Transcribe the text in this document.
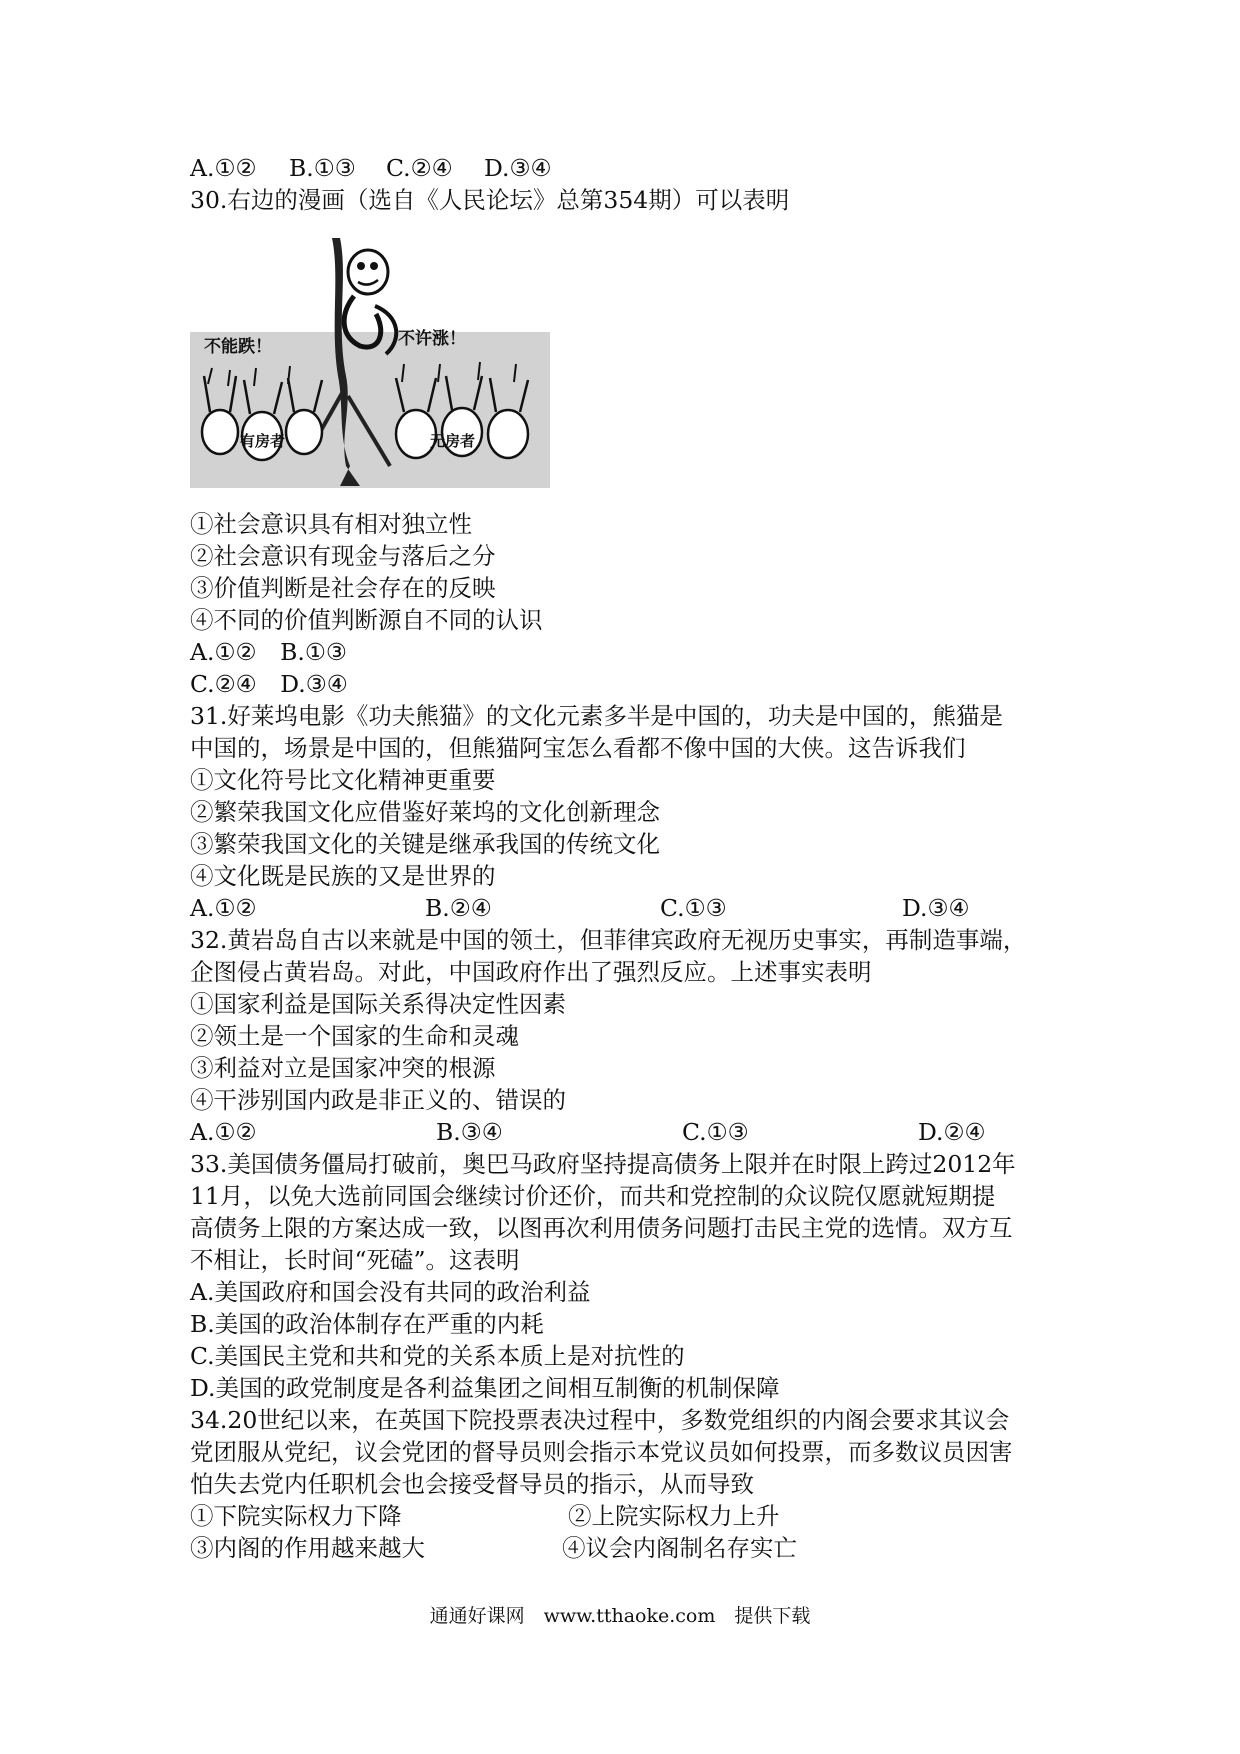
A.①② B.①③ C.②④ D.③④
30.右边的漫画（选自《人民论坛》总第354期）可以表明
不能跌！	不许涨！
有房者	无房者
①社会意识具有相对独立性
②社会意识有现金与落后之分
③价值判断是社会存在的反映
④不同的价值判断源自不同的认识
A.①②　B.①③
C.②④　D.③④
31.好莱坞电影《功夫熊猫》的文化元素多半是中国的，功夫是中国的，熊猫是
中国的，场景是中国的，但熊猫阿宝怎么看都不像中国的大侠。这告诉我们
①文化符号比文化精神更重要
②繁荣我国文化应借鉴好莱坞的文化创新理念
③繁荣我国文化的关键是继承我国的传统文化
④文化既是民族的又是世界的
A.①②	B.②④	C.①③	D.③④
32.黄岩岛自古以来就是中国的领土，但菲律宾政府无视历史事实，再制造事端，
企图侵占黄岩岛。对此，中国政府作出了强烈反应。上述事实表明
①国家利益是国际关系得决定性因素
②领土是一个国家的生命和灵魂
③利益对立是国家冲突的根源
④干涉别国内政是非正义的、错误的
A.①②	B.③④	C.①③	D.②④
33.美国债务僵局打破前，奥巴马政府坚持提高债务上限并在时限上跨过2012年
11月，以免大选前同国会继续讨价还价，而共和党控制的众议院仅愿就短期提
高债务上限的方案达成一致，以图再次利用债务问题打击民主党的选情。双方互
不相让，长时间“死磕”。这表明
A.美国政府和国会没有共同的政治利益
B.美国的政治体制存在严重的内耗
C.美国民主党和共和党的关系本质上是对抗性的
D.美国的政党制度是各利益集团之间相互制衡的机制保障
34.20世纪以来，在英国下院投票表决过程中，多数党组织的内阁会要求其议会
党团服从党纪，议会党团的督导员则会指示本党议员如何投票，而多数议员因害
怕失去党内任职机会也会接受督导员的指示，从而导致
①下院实际权力下降	②上院实际权力上升
③内阁的作用越来越大	④议会内阁制名存实亡
通通好课网　www.tthaoke.com　提供下载
